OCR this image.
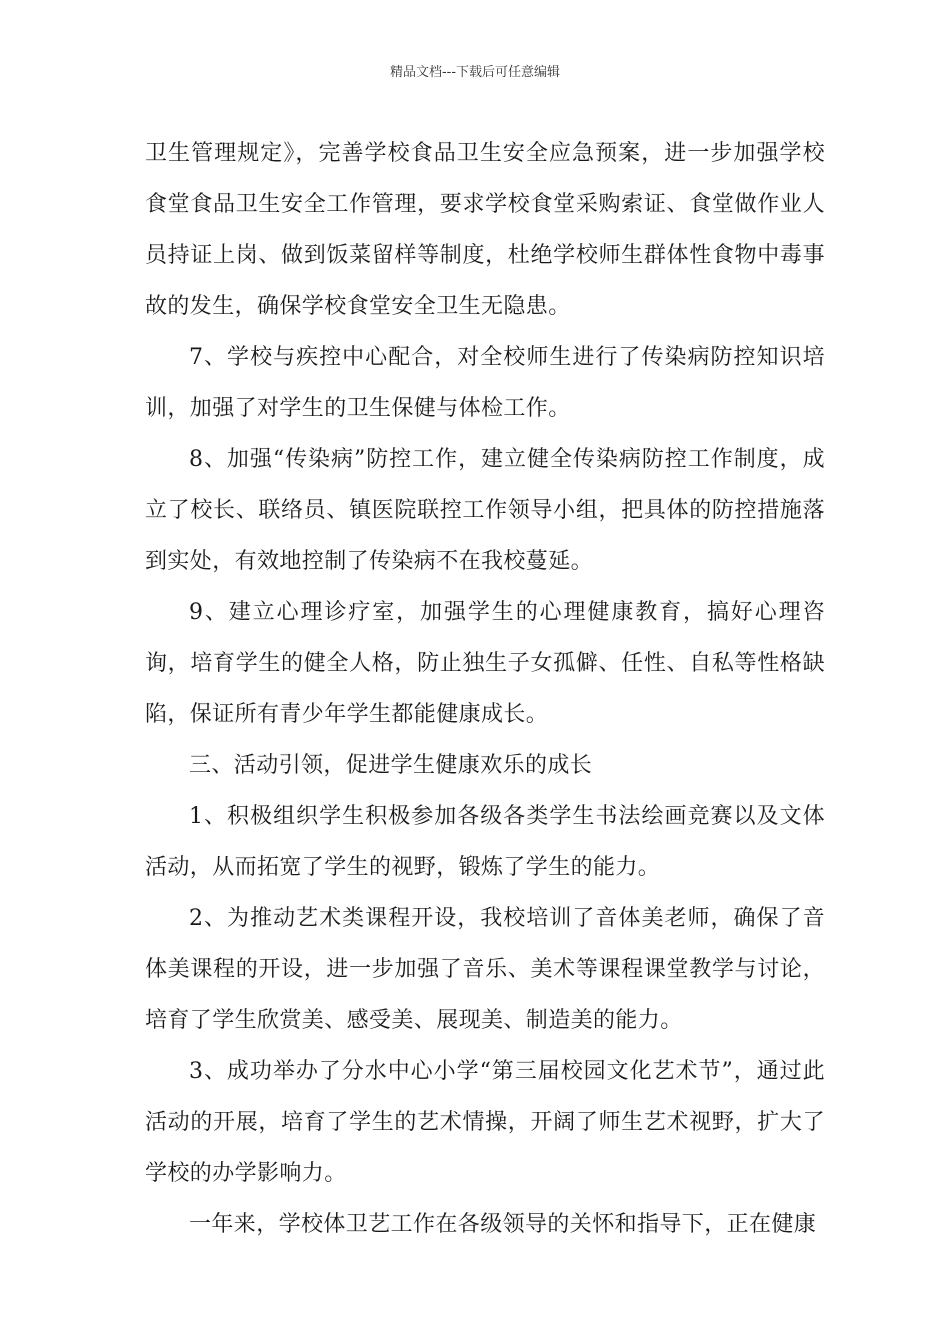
精品文档---下载后可任意编辑

卫生管理规定》，完善学校食品卫生安全应急预案，进一步加强学校食堂食品卫生安全工作管理，要求学校食堂采购索证、食堂做作业人员持证上岗、做到饭菜留样等制度，杜绝学校师生群体性食物中毒事故的发生，确保学校食堂安全卫生无隐患。

7、学校与疾控中心配合，对全校师生进行了传染病防控知识培训，加强了对学生的卫生保健与体检工作。

8、加强“传染病”防控工作，建立健全传染病防控工作制度，成立了校长、联络员、镇医院联控工作领导小组，把具体的防控措施落到实处，有效地控制了传染病不在我校蔓延。

9、建立心理诊疗室，加强学生的心理健康教育，搞好心理咨询，培育学生的健全人格，防止独生子女孤僻、任性、自私等性格缺陷，保证所有青少年学生都能健康成长。

三、活动引领，促进学生健康欢乐的成长

1、积极组织学生积极参加各级各类学生书法绘画竞赛以及文体活动，从而拓宽了学生的视野，锻炼了学生的能力。

2、为推动艺术类课程开设，我校培训了音体美老师，确保了音体美课程的开设，进一步加强了音乐、美术等课程课堂教学与讨论，培育了学生欣赏美、感受美、展现美、制造美的能力。

3、成功举办了分水中心小学“第三届校园文化艺术节”，通过此活动的开展，培育了学生的艺术情操，开阔了师生艺术视野，扩大了学校的办学影响力。

一年来，学校体卫艺工作在各级领导的关怀和指导下，正在健康
